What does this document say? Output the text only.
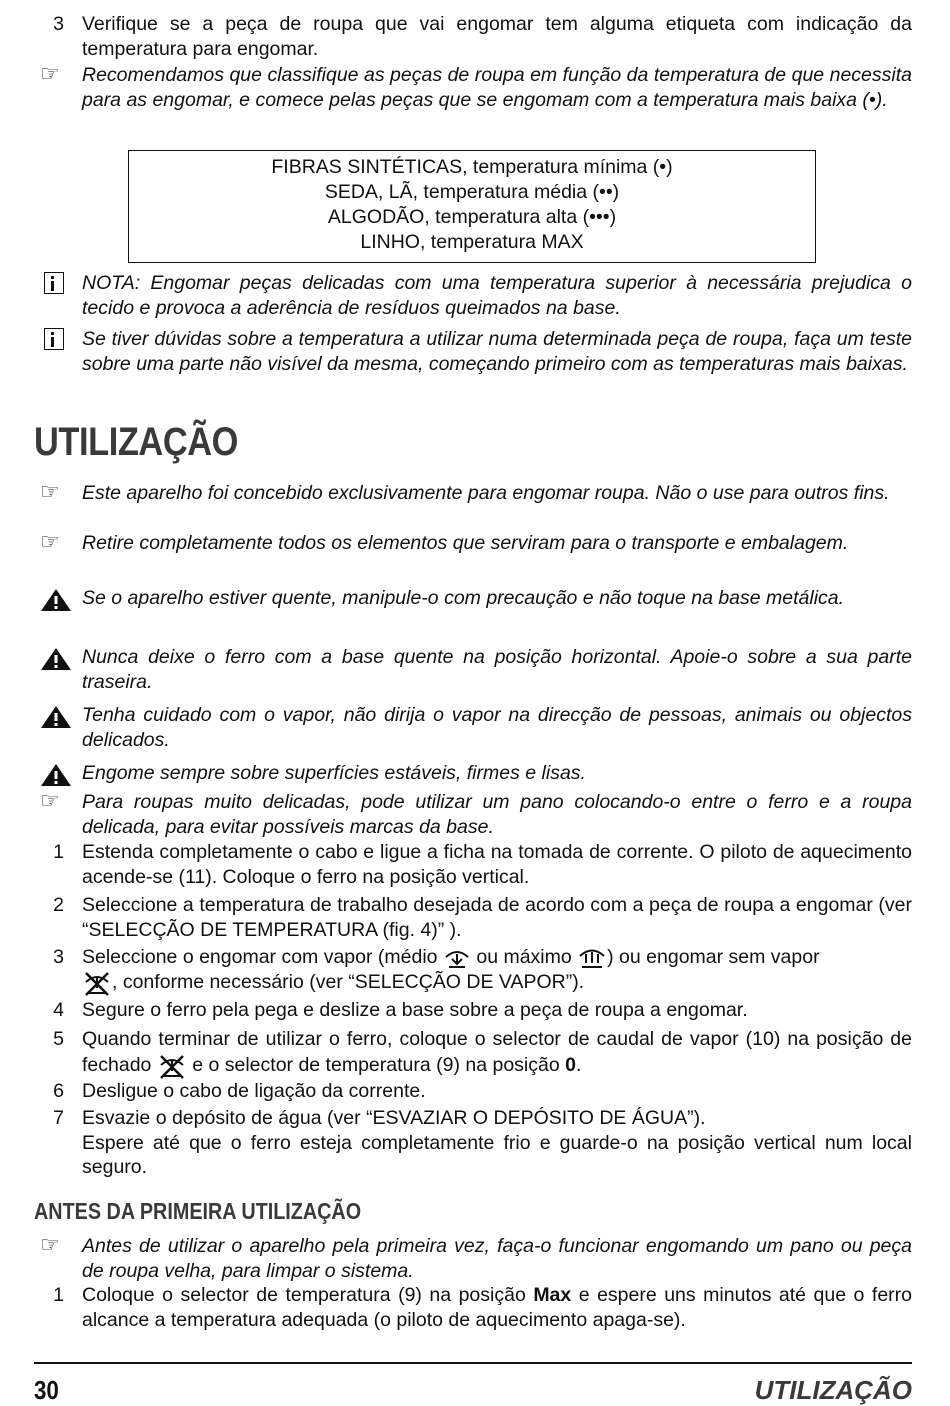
3 Verifique se a peça de roupa que vai engomar tem alguma etiqueta com indicação da temperatura para engomar.
☞	Recomendamos que classifique as peças de roupa em função da temperatura de que necessita para as engomar, e comece pelas peças que se engomam com a temperatura mais baixa (•).
FIBRAS SINTÉTICAS, temperatura mínima (•)
SEDA, LÃ, temperatura média (••)
ALGODÃO, temperatura alta (•••)
LINHO, temperatura MAX
NOTA: Engomar peças delicadas com uma temperatura superior à necessária prejudica o tecido e provoca a aderência de resíduos queimados na base.
Se tiver dúvidas sobre a temperatura a utilizar numa determinada peça de roupa, faça um teste sobre uma parte não visível da mesma, começando primeiro com as temperaturas mais baixas.
UTILIZAÇÃO
☞	Este aparelho foi concebido exclusivamente para engomar roupa. Não o use para outros fins.
☞	Retire completamente todos os elementos que serviram para o transporte e embalagem.
Se o aparelho estiver quente, manipule-o com precaução e não toque na base metálica.
Nunca deixe o ferro com a base quente na posição horizontal. Apoie-o sobre a sua parte traseira.
Tenha cuidado com o vapor, não dirija o vapor na direcção de pessoas, animais ou objectos delicados.
Engome sempre sobre superfícies estáveis, firmes e lisas.
☞	Para roupas muito delicadas, pode utilizar um pano colocando-o entre o ferro e a roupa delicada, para evitar possíveis marcas da base.
1 Estenda completamente o cabo e ligue a ficha na tomada de corrente. O piloto de aquecimento acende-se (11). Coloque o ferro na posição vertical.
2 Seleccione a temperatura de trabalho desejada de acordo com a peça de roupa a engomar (ver “SELECÇÃO DE TEMPERATURA (fig. 4)” ).
3 Seleccione o engomar com vapor (médio  ou máximo ) ou engomar sem vapor
, conforme necessário (ver “SELECÇÃO DE VAPOR”).
4 Segure o ferro pela pega e deslize a base sobre a peça de roupa a engomar.
5 Quando terminar de utilizar o ferro, coloque o selector de caudal de vapor (10) na posição de fechado  e o selector de temperatura (9) na posição 0.
6 Desligue o cabo de ligação da corrente.
7 Esvazie o depósito de água (ver “ESVAZIAR O DEPÓSITO DE ÁGUA”).
Espere até que o ferro esteja completamente frio e guarde-o na posição vertical num local seguro.
ANTES DA PRIMEIRA UTILIZAÇÃO
☞	Antes de utilizar o aparelho pela primeira vez, faça-o funcionar engomando um pano ou peça de roupa velha, para limpar o sistema.
1 Coloque o selector de temperatura (9) na posição Max e espere uns minutos até que o ferro alcance a temperatura adequada (o piloto de aquecimento apaga-se).
30	UTILIZAÇÃO
